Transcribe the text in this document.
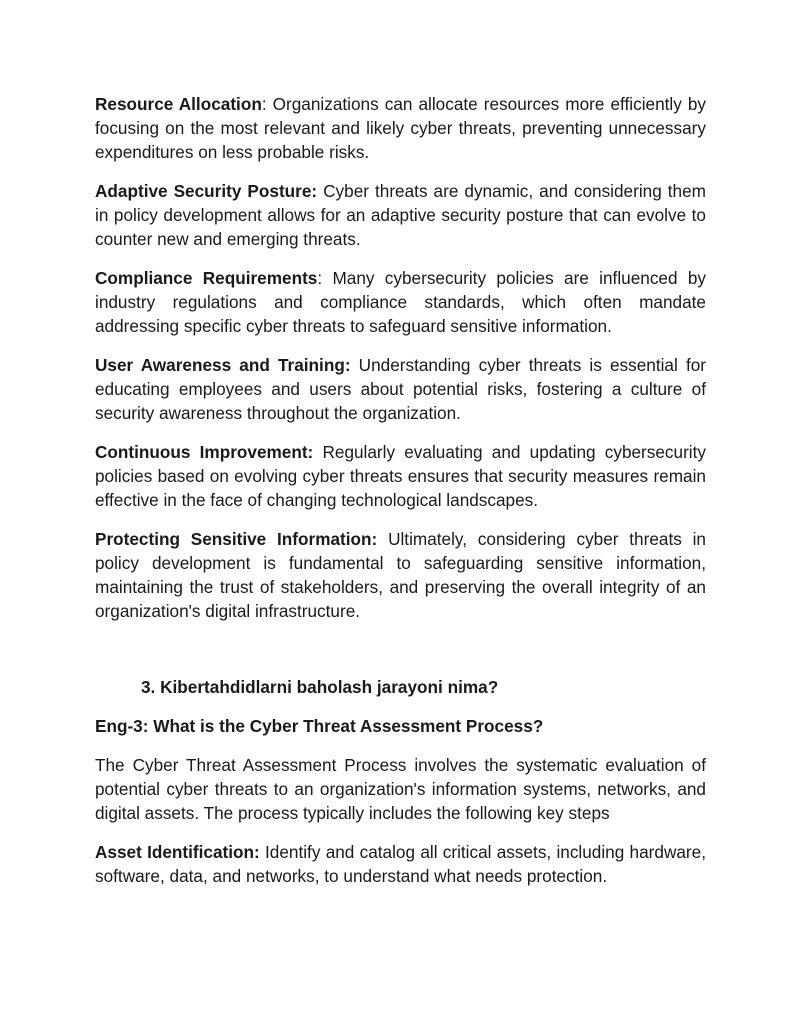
Resource Allocation: Organizations can allocate resources more efficiently by focusing on the most relevant and likely cyber threats, preventing unnecessary expenditures on less probable risks.

Adaptive Security Posture: Cyber threats are dynamic, and considering them in policy development allows for an adaptive security posture that can evolve to counter new and emerging threats.

Compliance Requirements: Many cybersecurity policies are influenced by industry regulations and compliance standards, which often mandate addressing specific cyber threats to safeguard sensitive information.

User Awareness and Training: Understanding cyber threats is essential for educating employees and users about potential risks, fostering a culture of security awareness throughout the organization.

Continuous Improvement: Regularly evaluating and updating cybersecurity policies based on evolving cyber threats ensures that security measures remain effective in the face of changing technological landscapes.

Protecting Sensitive Information: Ultimately, considering cyber threats in policy development is fundamental to safeguarding sensitive information, maintaining the trust of stakeholders, and preserving the overall integrity of an organization's digital infrastructure.

3. Kibertahdidlarni baholash jarayoni nima?
Eng-3: What is the Cyber Threat Assessment Process?

The Cyber Threat Assessment Process involves the systematic evaluation of potential cyber threats to an organization's information systems, networks, and digital assets. The process typically includes the following key steps

Asset Identification: Identify and catalog all critical assets, including hardware, software, data, and networks, to understand what needs protection.
